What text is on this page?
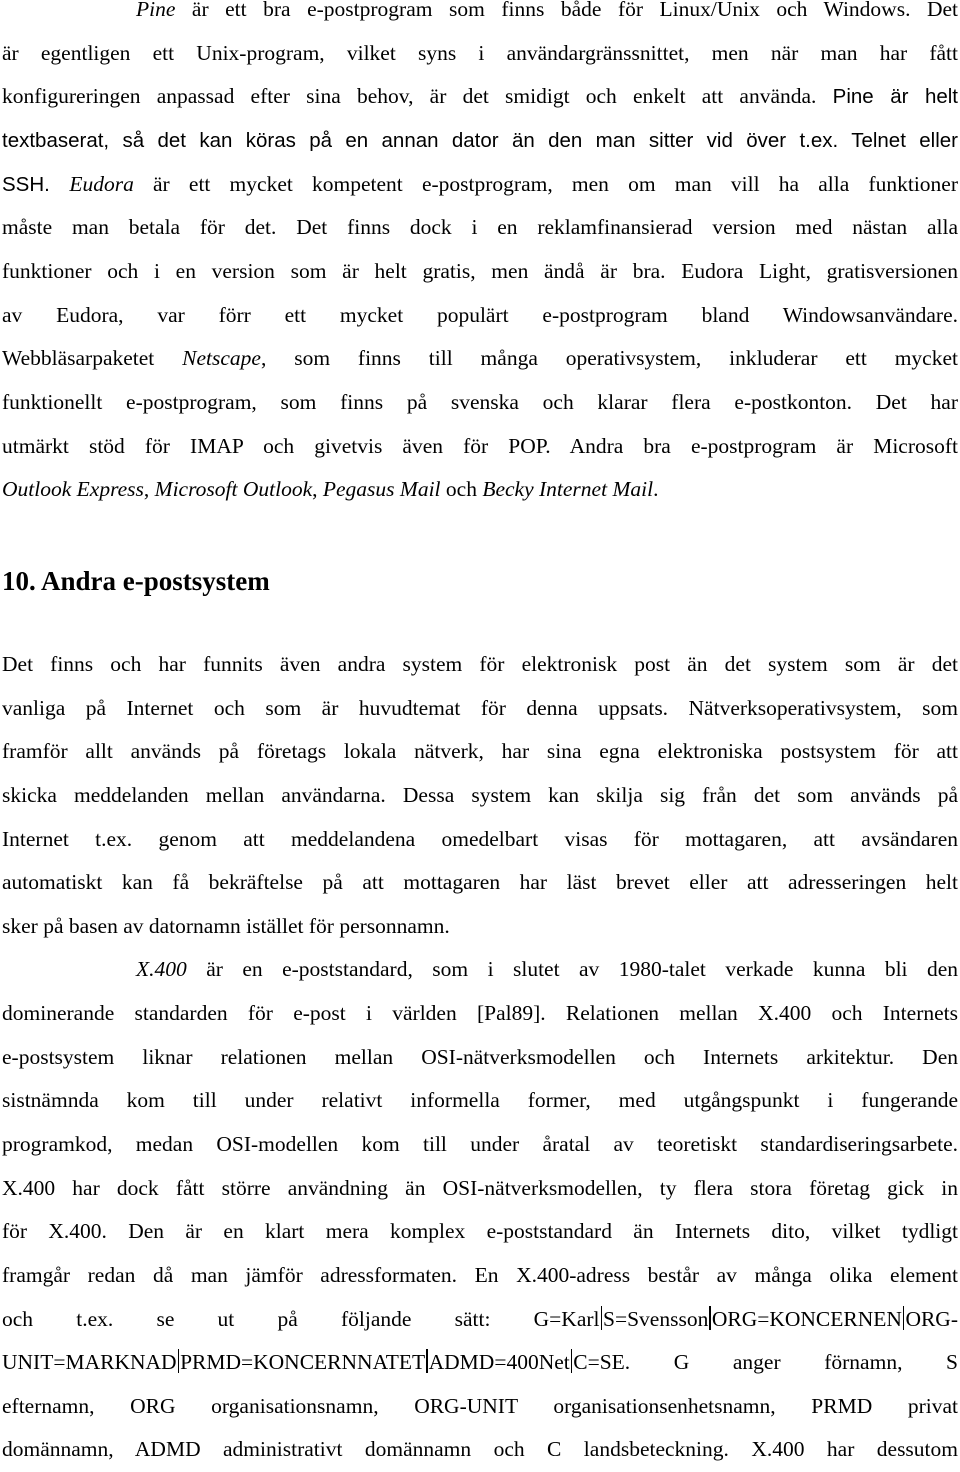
Pine är ett bra e-postprogram som finns både för Linux/Unix och Windows. Det
är egentligen ett Unix-program, vilket syns i användargränssnittet, men när man har fått
konfigureringen anpassad efter sina behov, är det smidigt och enkelt att använda. Pine är helt
textbaserat, så det kan köras på en annan dator än den man sitter vid över t.ex. Telnet eller
SSH. Eudora är ett mycket kompetent e-postprogram, men om man vill ha alla funktioner
måste man betala för det. Det finns dock i en reklamfinansierad version med nästan alla
funktioner och i en version som är helt gratis, men ändå är bra. Eudora Light, gratisversionen
av Eudora, var förr ett mycket populärt e-postprogram bland Windowsanvändare.
Webbläsarpaketet Netscape, som finns till många operativsystem, inkluderar ett mycket
funktionellt e-postprogram, som finns på svenska och klarar flera e-postkonton. Det har
utmärkt stöd för IMAP och givetvis även för POP. Andra bra e-postprogram är Microsoft
Outlook Express, Microsoft Outlook, Pegasus Mail och Becky Internet Mail.
10. Andra e-postsystem
Det finns och har funnits även andra system för elektronisk post än det system som är det
vanliga på Internet och som är huvudtemat för denna uppsats. Nätverksoperativsystem, som
framför allt används på företags lokala nätverk, har sina egna elektroniska postsystem för att
skicka meddelanden mellan användarna. Dessa system kan skilja sig från det som används på
Internet t.ex. genom att meddelandena omedelbart visas för mottagaren, att avsändaren
automatiskt kan få bekräftelse på att mottagaren har läst brevet eller att adresseringen helt
sker på basen av datornamn istället för personnamn.
X.400 är en e-poststandard, som i slutet av 1980-talet verkade kunna bli den
dominerande standarden för e-post i världen [Pal89]. Relationen mellan X.400 och Internets
e-postsystem liknar relationen mellan OSI-nätverksmodellen och Internets arkitektur. Den
sistnämnda kom till under relativt informella former, med utgångspunkt i fungerande
programkod, medan OSI-modellen kom till under åratal av teoretiskt standardiseringsarbete.
X.400 har dock fått större användning än OSI-nätverksmodellen, ty flera stora företag gick in
för X.400. Den är en klart mera komplex e-poststandard än Internets dito, vilket tydligt
framgår redan då man jämför adressformaten. En X.400-adress består av många olika element
och t.ex. se ut på följande sätt: G=Karl S=Svensson ORG=KONCERNEN ORG-
UNIT=MARKNAD PRMD=KONCERNNATET ADMD=400Net C=SE. G anger förnamn, S
efternamn, ORG organisationsnamn, ORG-UNIT organisationsenhetsnamn, PRMD privat
domännamn, ADMD administrativt domännamn och C landsbeteckning. X.400 har dessutom
